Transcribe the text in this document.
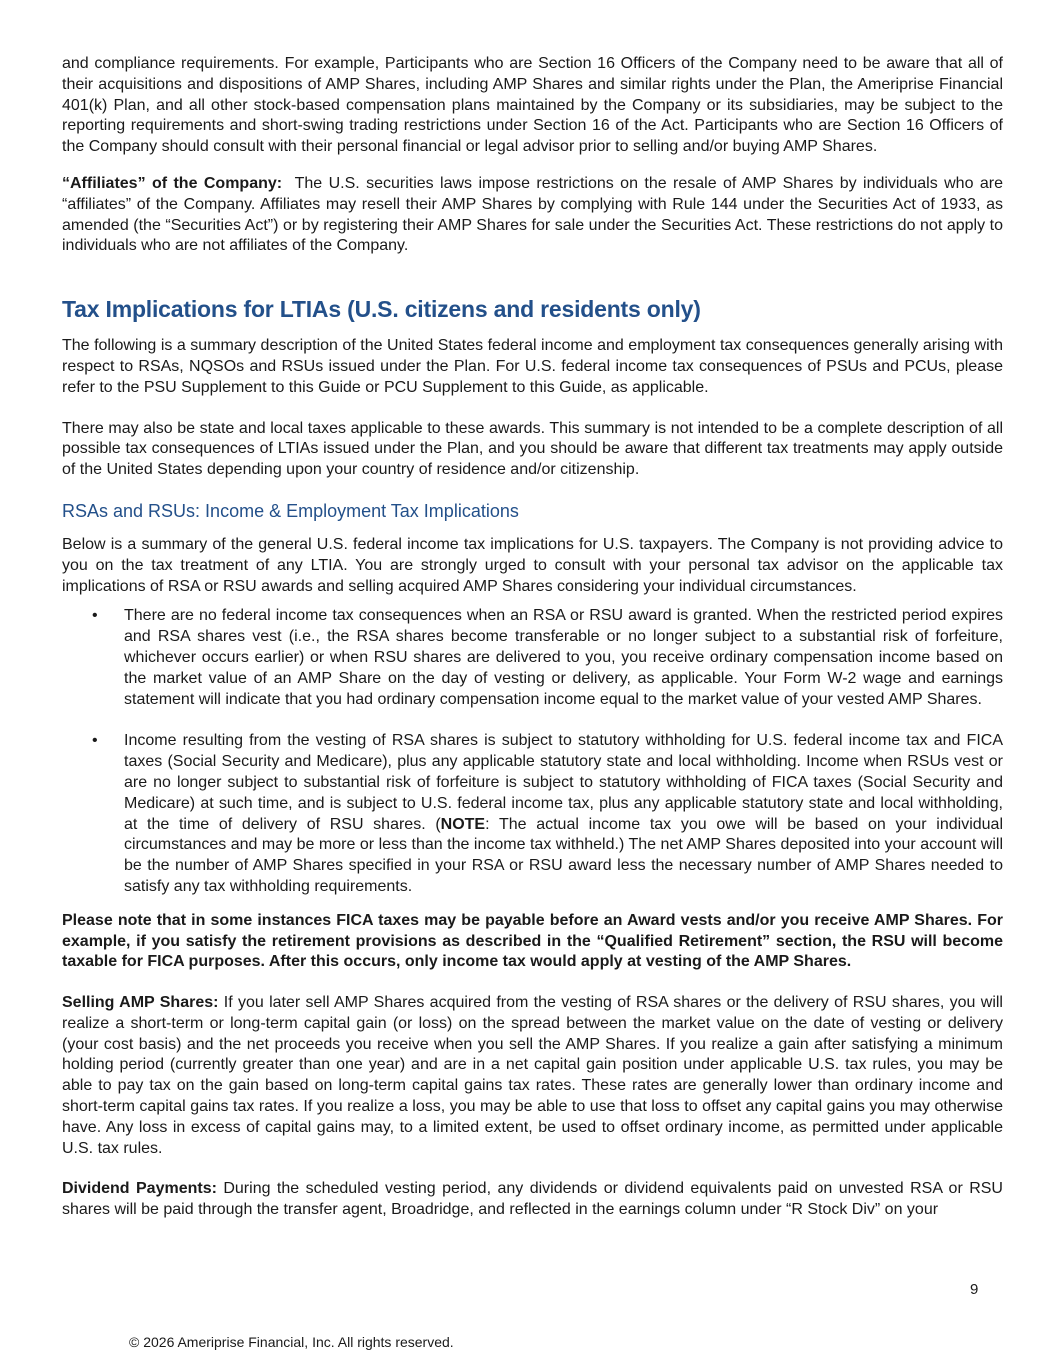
and compliance requirements. For example, Participants who are Section 16 Officers of the Company need to be aware that all of their acquisitions and dispositions of AMP Shares, including AMP Shares and similar rights under the Plan, the Ameriprise Financial 401(k) Plan, and all other stock-based compensation plans maintained by the Company or its subsidiaries, may be subject to the reporting requirements and short-swing trading restrictions under Section 16 of the Act. Participants who are Section 16 Officers of the Company should consult with their personal financial or legal advisor prior to selling and/or buying AMP Shares.

“Affiliates” of the Company:  The U.S. securities laws impose restrictions on the resale of AMP Shares by individuals who are “affiliates” of the Company. Affiliates may resell their AMP Shares by complying with Rule 144 under the Securities Act of 1933, as amended (the “Securities Act”) or by registering their AMP Shares for sale under the Securities Act. These restrictions do not apply to individuals who are not affiliates of the Company.

Tax Implications for LTIAs (U.S. citizens and residents only)

The following is a summary description of the United States federal income and employment tax consequences generally arising with respect to RSAs, NQSOs and RSUs issued under the Plan. For U.S. federal income tax consequences of PSUs and PCUs, please refer to the PSU Supplement to this Guide or PCU Supplement to this Guide, as applicable.

There may also be state and local taxes applicable to these awards. This summary is not intended to be a complete description of all possible tax consequences of LTIAs issued under the Plan, and you should be aware that different tax treatments may apply outside of the United States depending upon your country of residence and/or citizenship.

RSAs and RSUs: Income & Employment Tax Implications

Below is a summary of the general U.S. federal income tax implications for U.S. taxpayers. The Company is not providing advice to you on the tax treatment of any LTIA. You are strongly urged to consult with your personal tax advisor on the applicable tax implications of RSA or RSU awards and selling acquired AMP Shares considering your individual circumstances.

• There are no federal income tax consequences when an RSA or RSU award is granted. When the restricted period expires and RSA shares vest (i.e., the RSA shares become transferable or no longer subject to a substantial risk of forfeiture, whichever occurs earlier) or when RSU shares are delivered to you, you receive ordinary compensation income based on the market value of an AMP Share on the day of vesting or delivery, as applicable. Your Form W-2 wage and earnings statement will indicate that you had ordinary compensation income equal to the market value of your vested AMP Shares.
• Income resulting from the vesting of RSA shares is subject to statutory withholding for U.S. federal income tax and FICA taxes (Social Security and Medicare), plus any applicable statutory state and local withholding. Income when RSUs vest or are no longer subject to substantial risk of forfeiture is subject to statutory withholding of FICA taxes (Social Security and Medicare) at such time, and is subject to U.S. federal income tax, plus any applicable statutory state and local withholding, at the time of delivery of RSU shares. (NOTE: The actual income tax you owe will be based on your individual circumstances and may be more or less than the income tax withheld.) The net AMP Shares deposited into your account will be the number of AMP Shares specified in your RSA or RSU award less the necessary number of AMP Shares needed to satisfy any tax withholding requirements.

Please note that in some instances FICA taxes may be payable before an Award vests and/or you receive AMP Shares. For example, if you satisfy the retirement provisions as described in the “Qualified Retirement” section, the RSU will become taxable for FICA purposes. After this occurs, only income tax would apply at vesting of the AMP Shares.

Selling AMP Shares: If you later sell AMP Shares acquired from the vesting of RSA shares or the delivery of RSU shares, you will realize a short-term or long-term capital gain (or loss) on the spread between the market value on the date of vesting or delivery (your cost basis) and the net proceeds you receive when you sell the AMP Shares. If you realize a gain after satisfying a minimum holding period (currently greater than one year) and are in a net capital gain position under applicable U.S. tax rules, you may be able to pay tax on the gain based on long-term capital gains tax rates. These rates are generally lower than ordinary income and short-term capital gains tax rates. If you realize a loss, you may be able to use that loss to offset any capital gains you may otherwise have. Any loss in excess of capital gains may, to a limited extent, be used to offset ordinary income, as permitted under applicable U.S. tax rules.

Dividend Payments: During the scheduled vesting period, any dividends or dividend equivalents paid on unvested RSA or RSU shares will be paid through the transfer agent, Broadridge, and reflected in the earnings column under “R Stock Div” on your

9
© 2026 Ameriprise Financial, Inc. All rights reserved.
